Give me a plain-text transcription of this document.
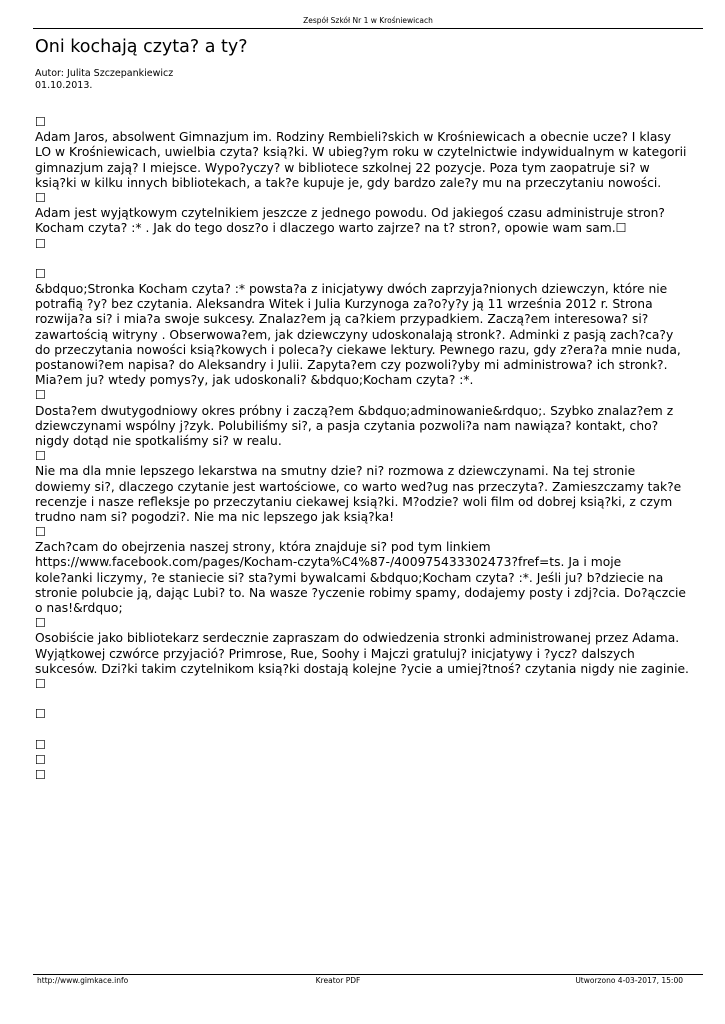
Zespół Szkół Nr 1 w Krośniewicach
Oni kochają czyta? a ty?
Autor: Julita Szczepankiewicz
01.10.2013.
☐
Adam Jaros, absolwent Gimnazjum im. Rodziny Rembieli?skich w Krośniewicach a obecnie ucze? I klasy
LO w Krośniewicach, uwielbia czyta? ksią?ki. W ubieg?ym roku w czytelnictwie indywidualnym w kategorii
gimnazjum zają? I miejsce. Wypo?yczy? w bibliotece szkolnej 22 pozycje. Poza tym zaopatruje si? w
ksią?ki w kilku innych bibliotekach, a tak?e kupuje je, gdy bardzo zale?y mu na przeczytaniu nowości.
☐
Adam jest wyjątkowym czytelnikiem jeszcze z jednego powodu. Od jakiegoś czasu administruje stron?
Kocham czyta? :* . Jak do tego dosz?o i dlaczego warto zajrze? na t? stron?, opowie wam sam.☐
☐
☐
&bdquo;Stronka Kocham czyta? :* powsta?a z inicjatywy dwóch zaprzyja?nionych dziewczyn, które nie
potrafią ?y? bez czytania. Aleksandra Witek i Julia Kurzynoga za?o?y?y ją 11 września 2012 r. Strona
rozwija?a si? i mia?a swoje sukcesy. Znalaz?em ją ca?kiem przypadkiem. Zaczą?em interesowa? si?
zawartością witryny . Obserwowa?em, jak dziewczyny udoskonalają stronk?. Adminki z pasją zach?ca?y
do przeczytania nowości ksią?kowych i poleca?y ciekawe lektury. Pewnego razu, gdy z?era?a mnie nuda,
postanowi?em napisa? do Aleksandry i Julii. Zapyta?em czy pozwoli?yby mi administrowa? ich stronk?.
Mia?em ju? wtedy pomys?y, jak udoskonali? &bdquo;Kocham czyta? :*.
☐
Dosta?em dwutygodniowy okres próbny i zaczą?em &bdquo;adminowanie&rdquo;. Szybko znalaz?em z
dziewczynami wspólny j?zyk. Polubiliśmy si?, a pasja czytania pozwoli?a nam nawiąza? kontakt, cho?
nigdy dotąd nie spotkaliśmy si? w realu.
☐
Nie ma dla mnie lepszego lekarstwa na smutny dzie? ni? rozmowa z dziewczynami. Na tej stronie
dowiemy si?, dlaczego czytanie jest wartościowe, co warto wed?ug nas przeczyta?. Zamieszczamy tak?e
recenzje i nasze refleksje po przeczytaniu ciekawej ksią?ki. M?odzie? woli film od dobrej ksią?ki, z czym
trudno nam si? pogodzi?. Nie ma nic lepszego jak ksią?ka!
☐
Zach?cam do obejrzenia naszej strony, która znajduje si? pod tym linkiem
https://www.facebook.com/pages/Kocham-czyta%C4%87-/400975433302473?fref=ts. Ja i moje
kole?anki liczymy, ?e staniecie si? sta?ymi bywalcami &bdquo;Kocham czyta? :*. Jeśli ju? b?dziecie na
stronie polubcie ją, dając Lubi? to. Na wasze ?yczenie robimy spamy, dodajemy posty i zdj?cia. Do?ączcie
o nas!&rdquo;
☐
Osobiście jako bibliotekarz serdecznie zapraszam do odwiedzenia stronki administrowanej przez Adama.
Wyjątkowej czwórce przyjació? Primrose, Rue, Soohy i Majczi gratuluj? inicjatywy i ?ycz? dalszych
sukcesów. Dzi?ki takim czytelnikom ksią?ki dostają kolejne ?ycie a umiej?tnoś? czytania nigdy nie zaginie.
☐
☐
☐
☐
☐
http://www.gimkace.info	Kreator PDF	Utworzono 4-03-2017, 15:00
